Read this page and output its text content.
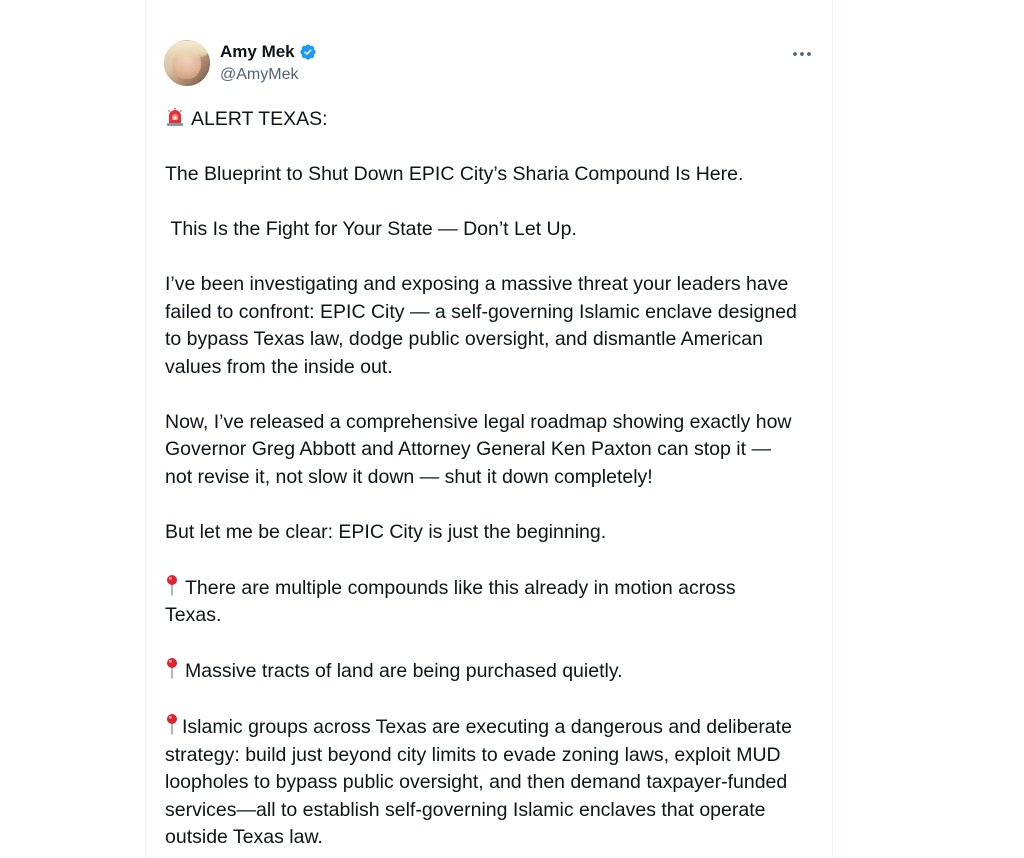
Amy Mek
@AmyMek

ALERT TEXAS:

The Blueprint to Shut Down EPIC City’s Sharia Compound Is Here.

This Is the Fight for Your State — Don’t Let Up.

I’ve been investigating and exposing a massive threat your leaders have

failed to confront: EPIC City — a self-governing Islamic enclave designed

to bypass Texas law, dodge public oversight, and dismantle American

values from the inside out.

Now, I’ve released a comprehensive legal roadmap showing exactly how

Governor Greg Abbott and Attorney General Ken Paxton can stop it —

not revise it, not slow it down — shut it down completely!

But let me be clear: EPIC City is just the beginning.

There are multiple compounds like this already in motion across

Texas.

Massive tracts of land are being purchased quietly.

Islamic groups across Texas are executing a dangerous and deliberate

strategy: build just beyond city limits to evade zoning laws, exploit MUD

loopholes to bypass public oversight, and then demand taxpayer-funded

services—all to establish self-governing Islamic enclaves that operate

outside Texas law.
